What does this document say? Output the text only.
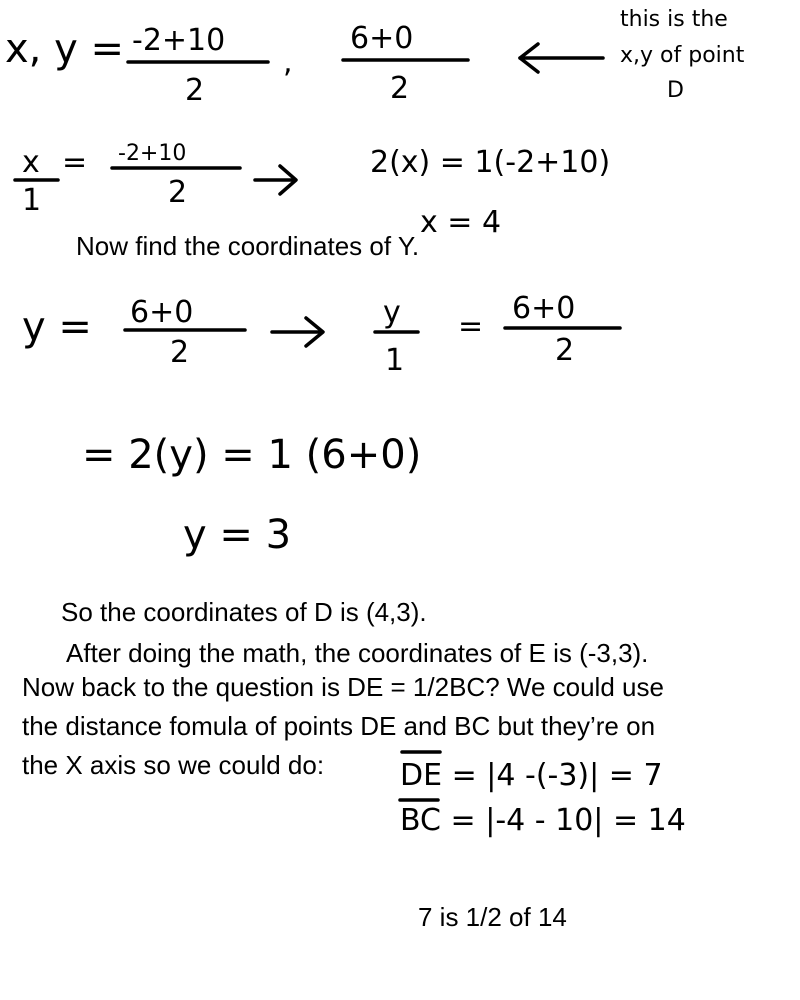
x, y = -2+10
2
,
6+0
2
this is the
x,y of point
D
x
1
= -2+10
2
2(x) = 1(-2+10)
x = 4
y = 6+0
2
y
1
=
6+0
2
= 2(y) = 1 (6+0)
y = 3
DE = |4 -(-3)| = 7
BC = |-4 - 10| = 14
Now find the coordinates of Y.
So the coordinates of D is (4,3).
After doing the math, the coordinates of E is (-3,3).
Now back to the question is DE = 1/2BC? We could use
the distance fomula of points DE and BC but they’re on
the X axis so we could do:
7 is 1/2 of 14
